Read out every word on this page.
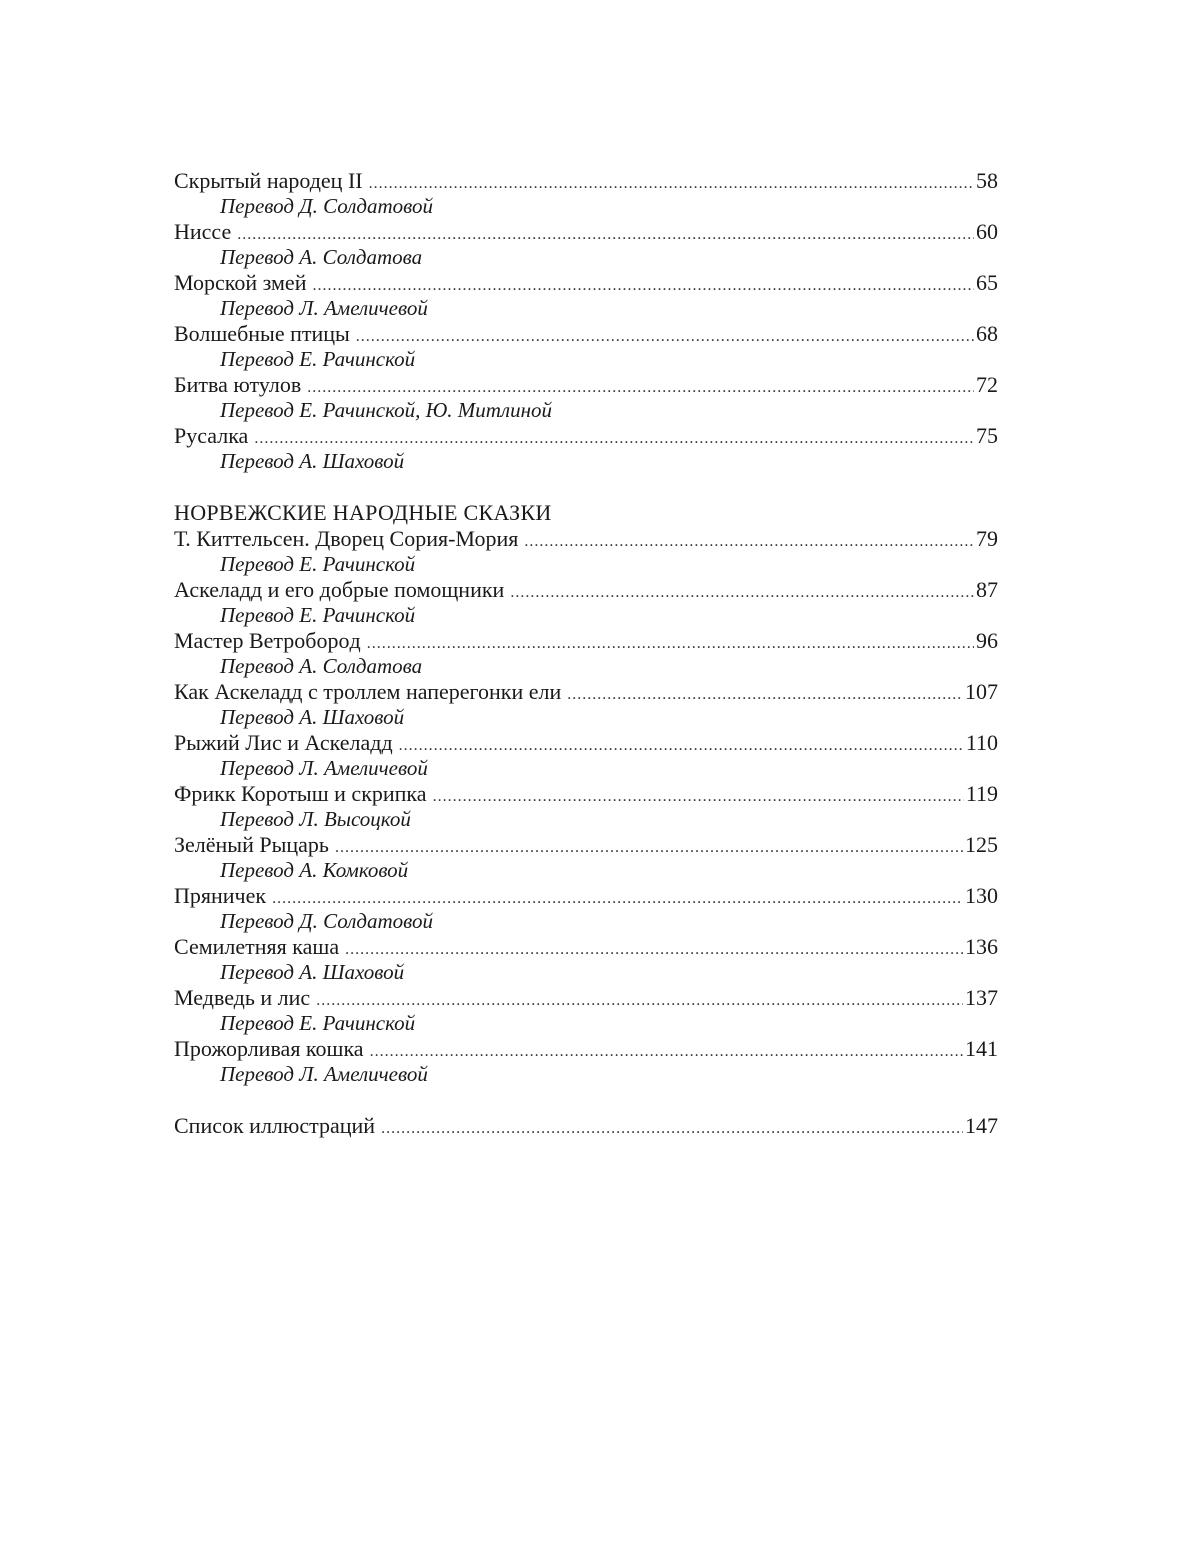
Скрытый народец II .....	58
Перевод Д. Солдатовой
Ниссе .....	60
Перевод А. Солдатова
Морской змей .....	65
Перевод Л. Амеличевой
Волшебные птицы .....	68
Перевод Е. Рачинской
Битва ютулов .....	72
Перевод Е. Рачинской, Ю. Митлиной
Русалка .....	75
Перевод А. Шаховой
НОРВЕЖСКИЕ НАРОДНЫЕ СКАЗКИ
Т. Киттельсен. Дворец Сория-Мория .....	79
Перевод Е. Рачинской
Аскеладд и его добрые помощники .....	87
Перевод Е. Рачинской
Мастер Ветроборoд .....	96
Перевод А. Солдатова
Как Аскеладд с троллем наперегонки ели .....	107
Перевод А. Шаховой
Рыжий Лис и Аскеладд .....	110
Перевод Л. Амеличевой
Фрикк Коротыш и скрипка .....	119
Перевод Л. Высоцкой
Зелёный Рыцарь .....	125
Перевод А. Комковой
Пряничек .....	130
Перевод Д. Солдатовой
Семилетняя каша .....	136
Перевод А. Шаховой
Медведь и лис .....	137
Перевод Е. Рачинской
Прожорливая кошка .....	141
Перевод Л. Амеличевой
Список иллюстраций .....	147
